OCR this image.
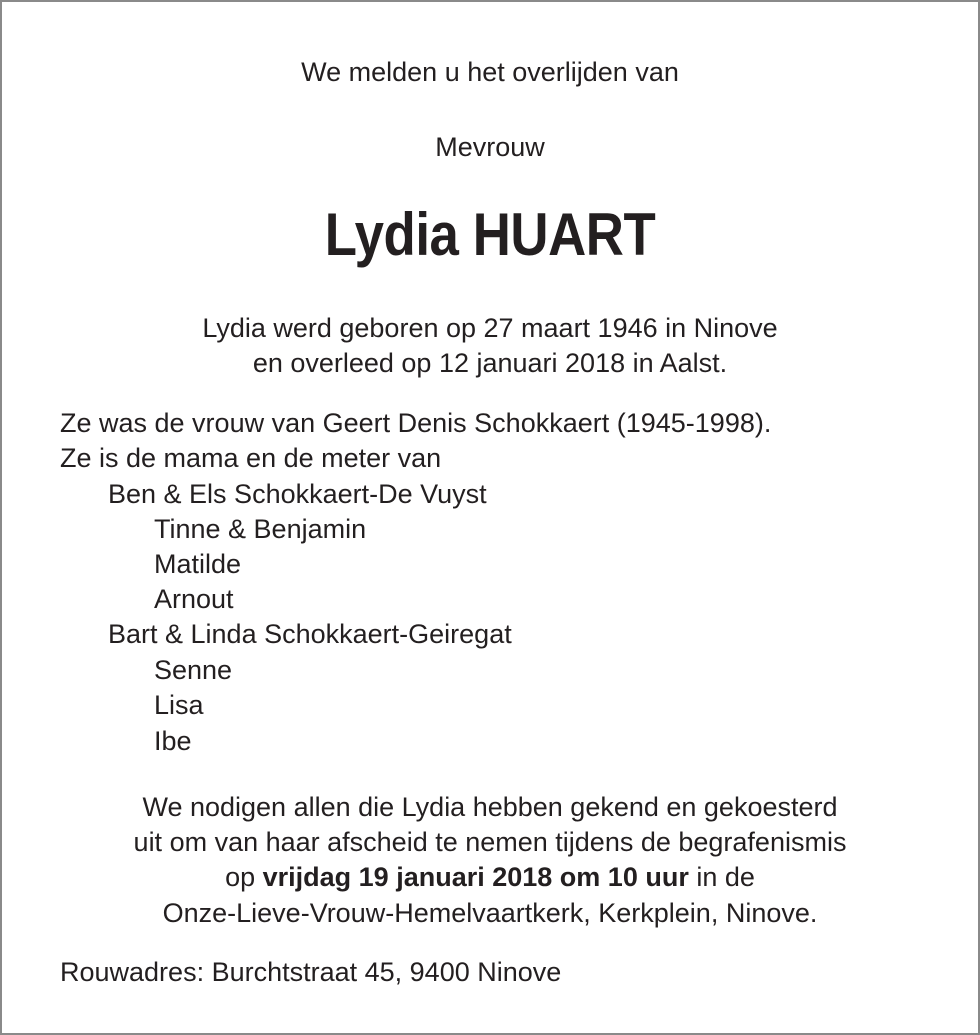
We melden u het overlijden van
Mevrouw
Lydia HUART
Lydia werd geboren op 27 maart 1946 in Ninove
en overleed op 12 januari 2018 in Aalst.
Ze was de vrouw van Geert Denis Schokkaert (1945-1998).
Ze is de mama en de meter van
Ben & Els Schokkaert-De Vuyst
Tinne & Benjamin
Matilde
Arnout
Bart & Linda Schokkaert-Geiregat
Senne
Lisa
Ibe
We nodigen allen die Lydia hebben gekend en gekoesterd
uit om van haar afscheid te nemen tijdens de begrafenismis
op vrijdag 19 januari 2018 om 10 uur in de
Onze-Lieve-Vrouw-Hemelvaartkerk, Kerkplein, Ninove.
Rouwadres: Burchtstraat 45, 9400 Ninove
